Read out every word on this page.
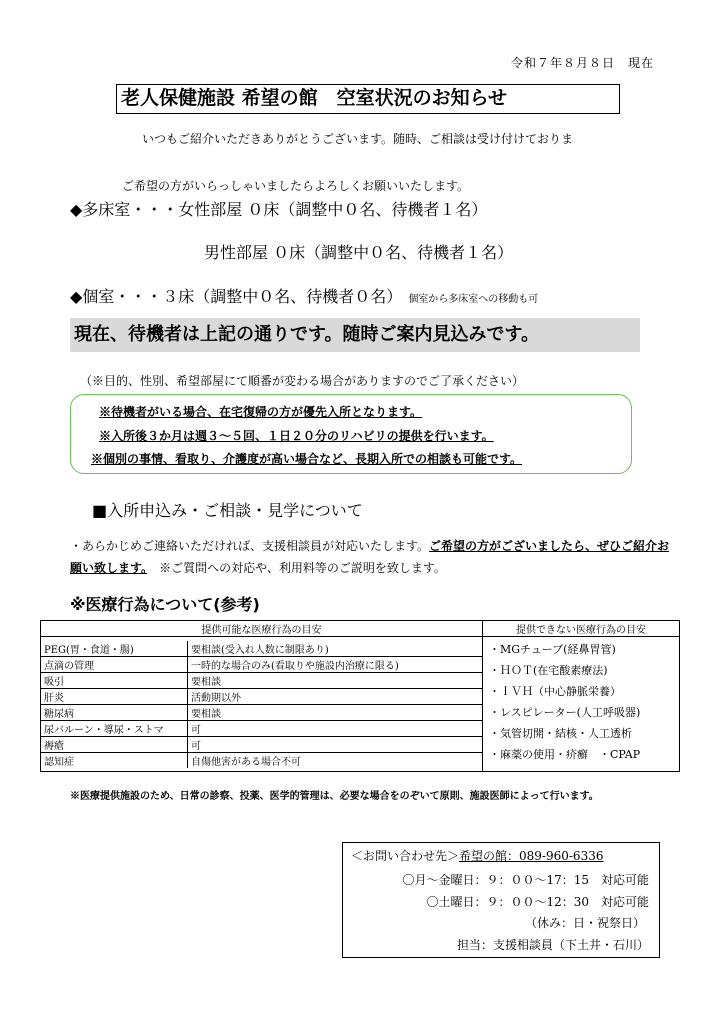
令和７年８月８日　現在
老人保健施設 希望の館　空室状況のお知らせ
いつもご紹介いただきありがとうございます。随時、ご相談は受け付けておりま
ご希望の方がいらっしゃいましたらよろしくお願いいたします。
◆多床室・・・女性部屋 ０床（調整中０名、待機者１名）
男性部屋 ０床（調整中０名、待機者１名）
◆個室・・・３床（調整中０名、待機者０名） 個室から多床室への移動も可
現在、待機者は上記の通りです。随時ご案内見込みです。
（※目的、性別、希望部屋にて順番が変わる場合がありますのでご了承ください）
※待機者がいる場合、在宅復帰の方が優先入所となります。
※入所後３か月は週３～５回、１日２０分のリハビリの提供を行います。
※個別の事情、看取り、介護度が高い場合など、長期入所での相談も可能です。
■入所申込み・ご相談・見学について
・あらかじめご連絡いただければ、支援相談員が対応いたします。ご希望の方がございましたら、ぜひご紹介お願い致します。　 ※ご質問への対応や、利用料等のご説明を致します。
※医療行為について(参考)
提供可能な医療行為の目安	提供できない医療行為の目安

PEG(胃・食道・腸)	要相談(受入れ人数に制限あり)
点滴の管理	一時的な場合のみ(看取りや施設内治療に限る)
吸引	要相談
肝炎	活動期以外
糖尿病	要相談
尿バルーン・導尿・ストマ	可
褥瘡	可
認知症	自傷他害がある場合不可

・MGチューブ(経鼻胃管)
・ＨＯＴ(在宅酸素療法)
・ＩＶＨ（中心静脈栄養）
・レスピレーター(人工呼吸器)
・気管切開・結核・人工透析
・麻薬の使用・疥癬　・CPAP
※医療提供施設のため、日常の診察、投薬、医学的管理は、必要な場合をのぞいて原則、施設医師によって行います。
＜お問い合わせ先＞希望の館：089-960-6336
〇月～金曜日：９：００～17：15　対応可能
〇土曜日：９：００～12：30　対応可能
（休み：日・祝祭日）
担当：支援相談員（下土井・石川）
